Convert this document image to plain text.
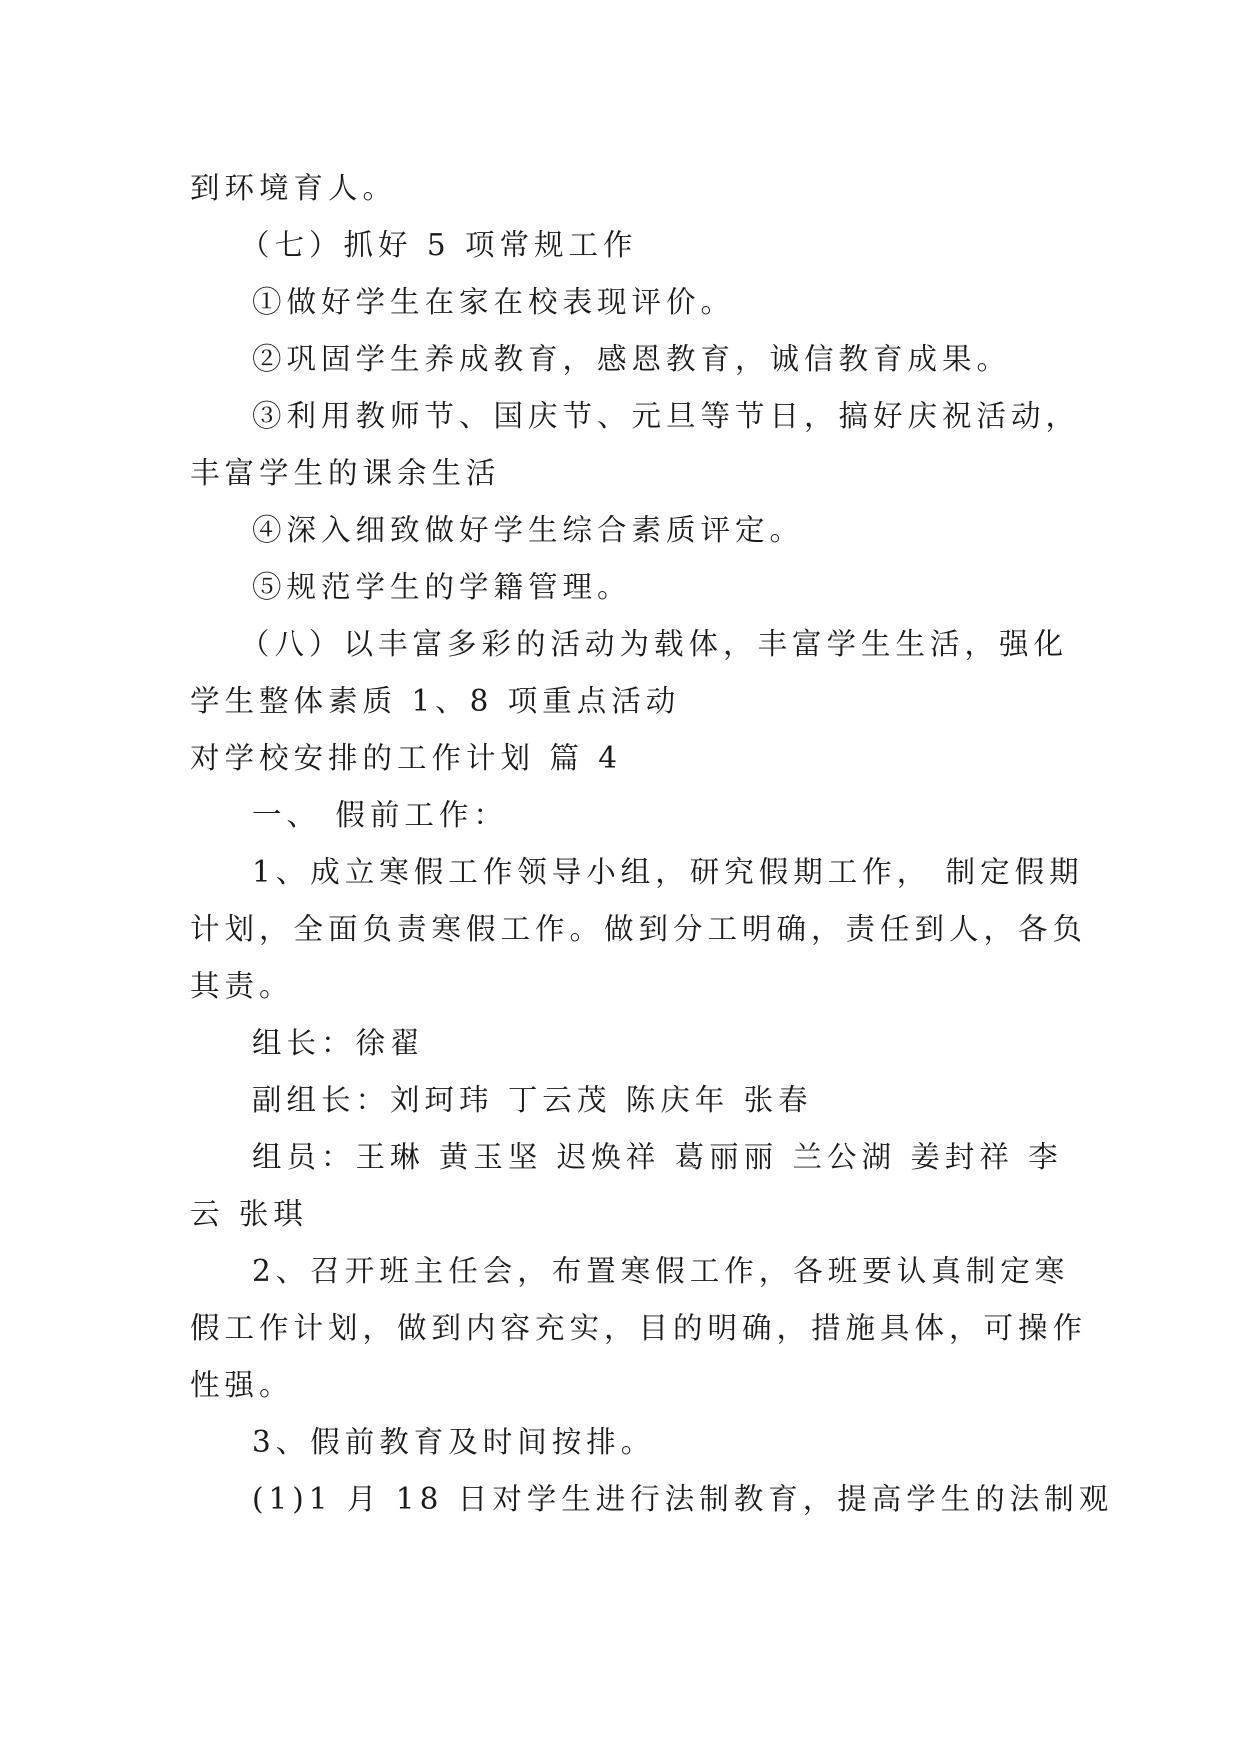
到环境育人。
（七）抓好 5 项常规工作
①做好学生在家在校表现评价。
②巩固学生养成教育，感恩教育，诚信教育成果。
③利用教师节、国庆节、元旦等节日，搞好庆祝活动，
丰富学生的课余生活
④深入细致做好学生综合素质评定。
⑤规范学生的学籍管理。
（八）以丰富多彩的活动为载体，丰富学生生活，强化
学生整体素质 1、8 项重点活动
对学校安排的工作计划 篇 4
一、 假前工作：
1、成立寒假工作领导小组，研究假期工作， 制定假期
计划，全面负责寒假工作。做到分工明确，责任到人，各负
其责。
组长：徐翟
副组长：刘珂玮 丁云茂 陈庆年 张春
组员：王琳 黄玉坚 迟焕祥 葛丽丽 兰公湖 姜封祥 李
云 张琪
2、召开班主任会，布置寒假工作，各班要认真制定寒
假工作计划，做到内容充实，目的明确，措施具体，可操作
性强。
3、假前教育及时间按排。
(1)1 月 18 日对学生进行法制教育，提高学生的法制观
